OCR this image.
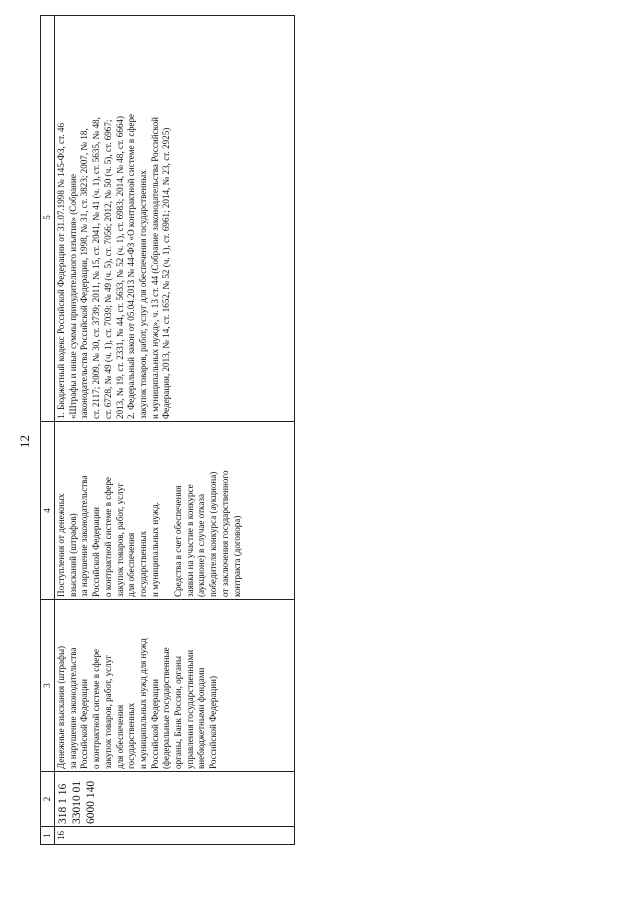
12
1
2
3
4
5
16
318 1 16 33010 01 6000 140
Денежные взыскания (штрафы) за нарушение законодательства Российской Федерации о контрактной системе в сфере закупок товаров, работ, услуг для обеспечения государственных и муниципальных нужд для нужд Российской Федерации (федеральные государственные органы, Банк России, органы управления государственными внебюджетными фондами Российской Федерации)
Поступления от денежных взысканий (штрафов) за нарушение законодательства Российской Федерации о контрактной системе в сфере закупок товаров, работ, услуг для обеспечения государственных и муниципальных нужд. Средства в счет обеспечения заявки на участие в конкурсе (аукционе) в случае отказа победителя конкурса (аукциона) от заключения государственного контракта (договора)
1. Бюджетный кодекс Российской Федерации от 31.07.1998 № 145-ФЗ, ст. 46 «Штрафы и иные суммы принудительного изъятия» (Собрание законодательства Российской Федерации, 1998, № 31, ст. 3823; 2007, № 18, ст. 2117; 2009, № 30, ст. 3739; 2011, № 15, ст. 2041, № 41 (ч. 1), ст. 5635, № 48, ст. 6728, № 49 (ч. 1), ст. 7039; № 49 (ч. 5), ст. 7056; 2012, № 50 (ч. 5), ст. 6967; 2013, № 19, ст. 2331, № 44, ст. 5633, № 52 (ч. 1), ст. 6983; 2014, № 48, ст. 6664) 2. Федеральный закон от 05.04.2013 № 44-ФЗ «О контрактной системе в сфере закупок товаров, работ, услуг для обеспечения государственных и муниципальных нужд», ч. 13 ст. 44 (Собрание законодательства Российской Федерации, 2013, № 14, ст. 1652, № 52 (ч. 1), ст. 6961; 2014, № 23, ст. 2925)
